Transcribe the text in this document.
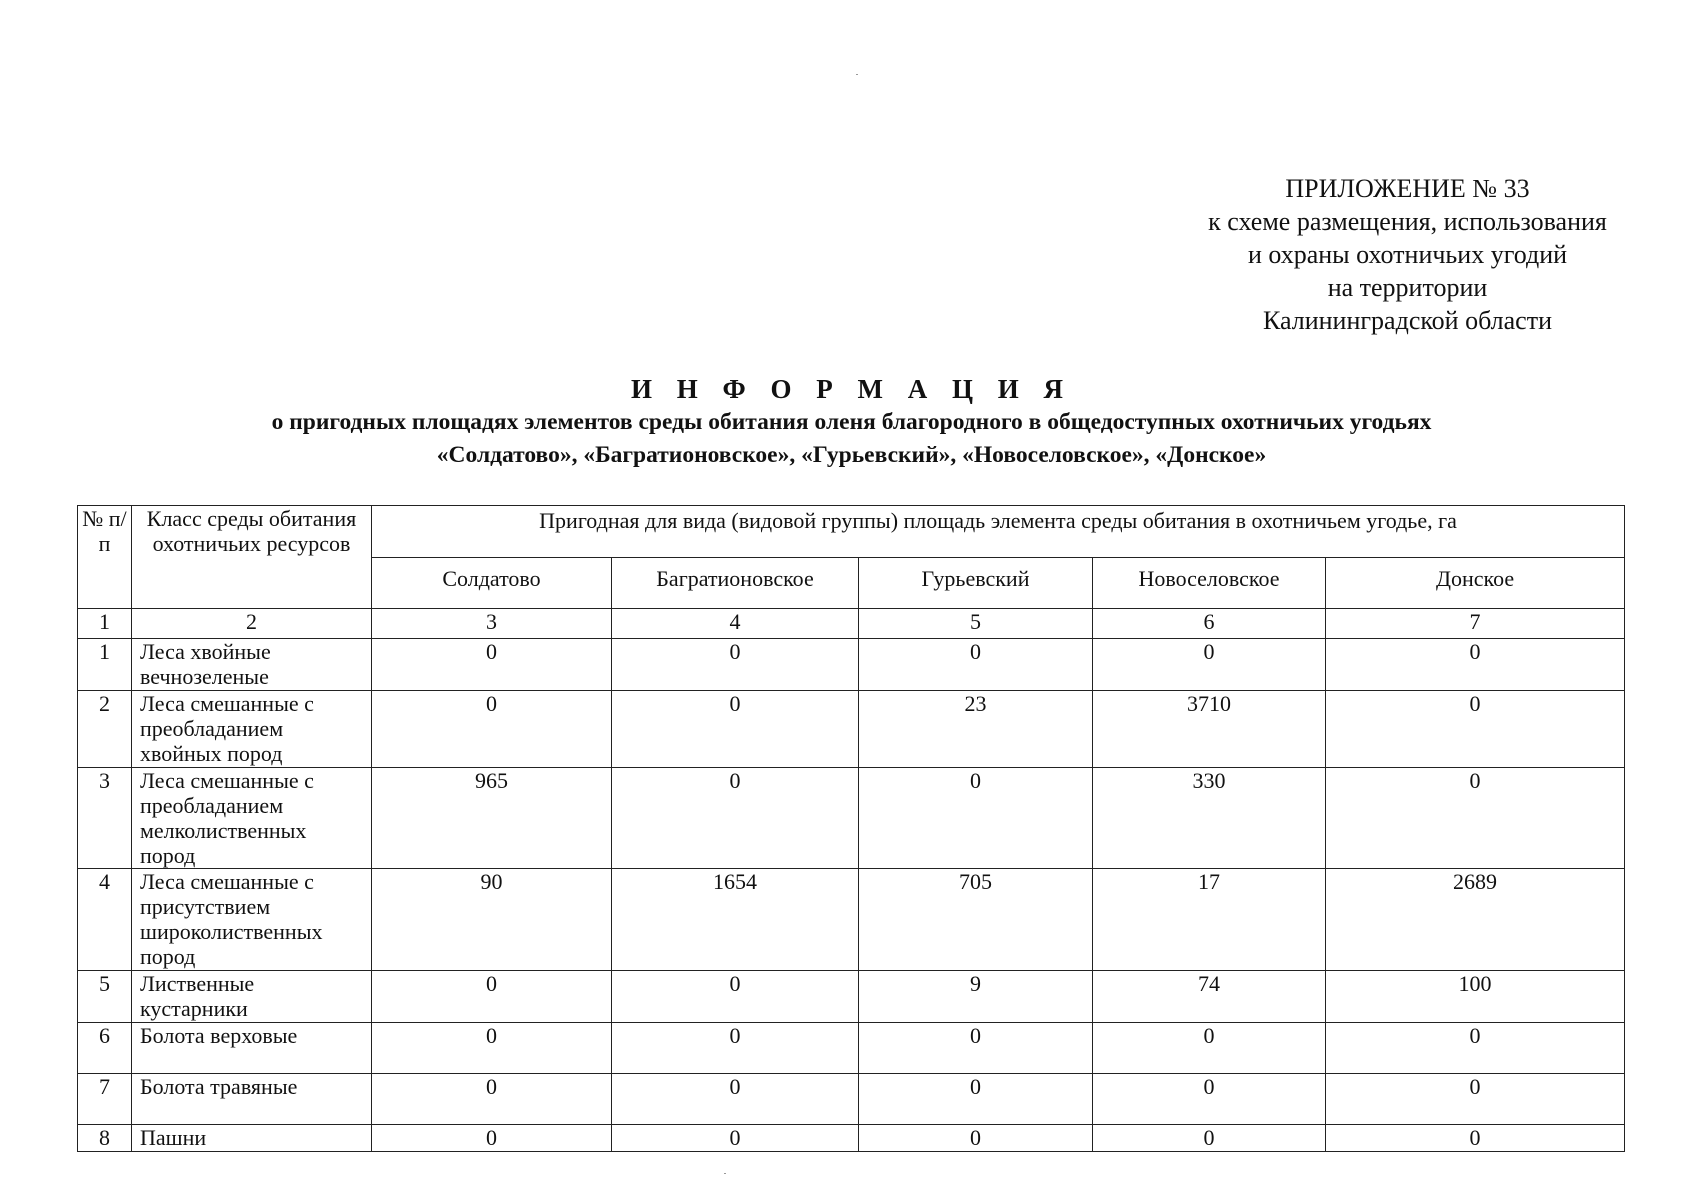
ПРИЛОЖЕНИЕ № 33
к схеме размещения, использования
и охраны охотничьих угодий
на территории
Калининградской области
И Н Ф О Р М А Ц И Я
о пригодных площадях элементов среды обитания оленя благородного в общедоступных охотничьих угодьях
«Солдатово», «Багратионовское», «Гурьевский», «Новоселовское», «Донское»
№ п/п	Класс среды обитания охотничьих ресурсов	Пригодная для вида (видовой группы) площадь элемента среды обитания в охотничьем угодье, га				
		Солдатово	Багратионовское	Гурьевский	Новоселовское	Донское
1	2	3	4	5	6	7
1	Леса хвойные вечнозеленые	0	0	0	0	0
2	Леса смешанные с преобладанием хвойных пород	0	0	23	3710	0
3	Леса смешанные с преобладанием мелколиственных пород	965	0	0	330	0
4	Леса смешанные с присутствием широколиственных пород	90	1654	705	17	2689
5	Лиственные кустарники	0	0	9	74	100
6	Болота верховые	0	0	0	0	0
7	Болота травяные	0	0	0	0	0
8	Пашни	0	0	0	0	0
